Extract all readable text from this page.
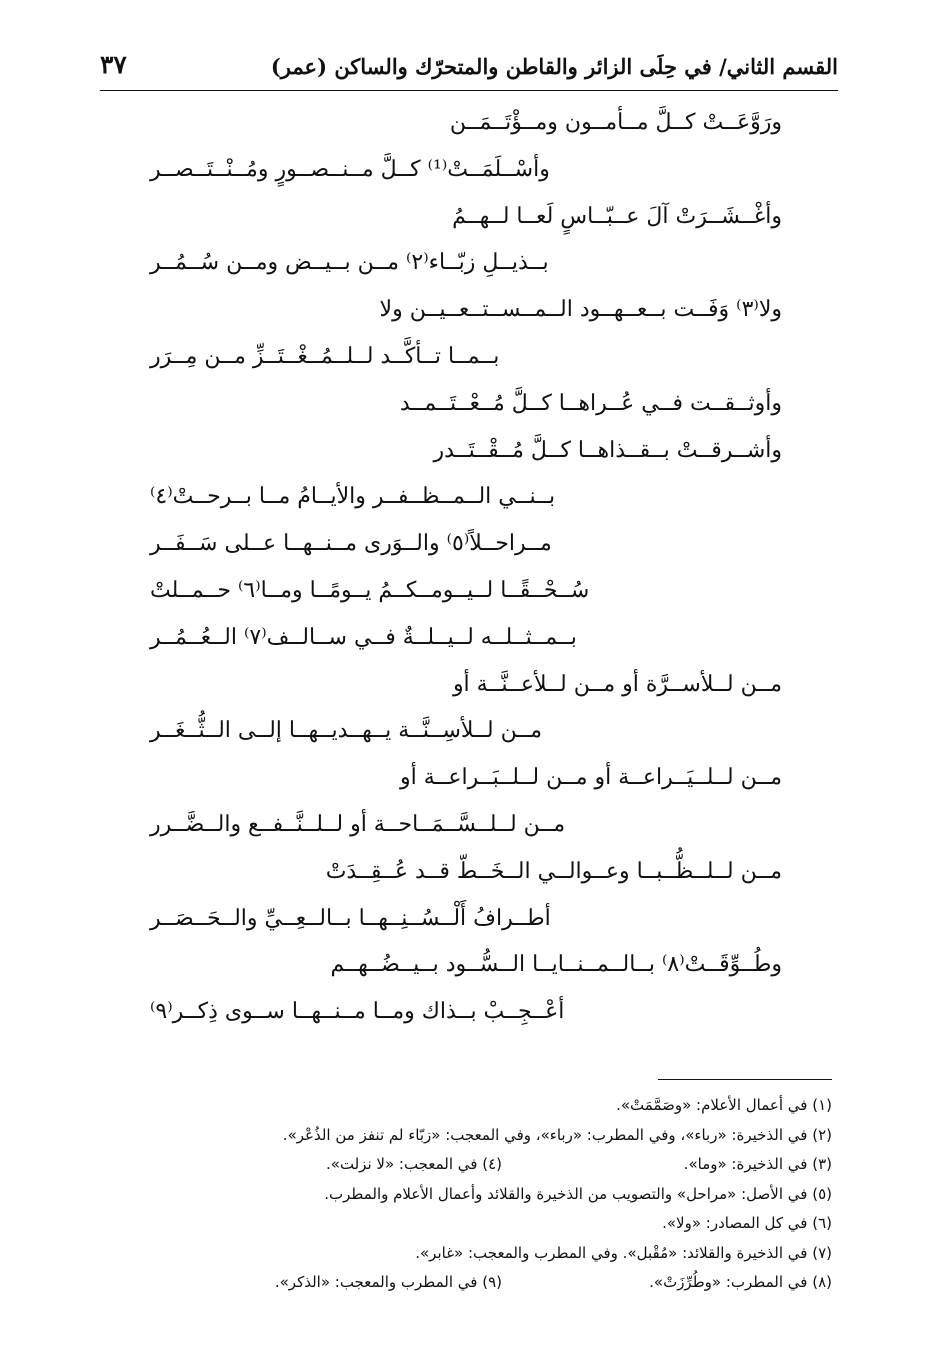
القسم الثاني/ في حِلَى الزائر والقاطن والمتحرّك والساكن (عمر)
٣٧
ورَوَّعَــتْ كــلَّ مــأمــون ومــؤْتَــمَــن
وأسْــلَمَــتْ⁽¹⁾ كــلَّ مــنــصــورٍ ومُــنْــتَــصــر
وأغْــشَــرَتْ آلَ عــبّــاسٍ لَعــا لــهــمُ
بــذيــلِ زبّــاء⁽٢⁾ مــن بــيــض ومــن سُــمُــر
ولا⁽٣⁾ وَفَــت بــعــهــود الــمــســتــعــيــن ولا
بــمــا تــأكَّــد لــلــمُــغْــتَــزِّ مــن مِــرَر
وأوثــقــت فــي عُــراهــا كــلَّ مُــعْــتَــمــد
وأشــرقــتْ بــقــذاهــا كــلَّ مُــقْــتَــدر
بــنــي الــمــظــفــر والأيــامُ مــا بــرحــتْ⁽٤⁾
مــراحــلاً⁽٥⁾ والــوَرى مــنــهــا عــلى سَــفَــر
سُــحْــقًــا لــيــومــكــمُ يــومًــا ومــا⁽٦⁾ حــمــلتْ
بــمــثــلــه لــيــلــةٌ فــي ســالــف⁽٧⁾ الــعُــمُــر
مــن لــلأســرَّة أو مــن لــلأعــنَّــة أو
مــن لــلأسِــنَّــة يــهــديــهــا إلــى الــثُّــغَــر
مــن لــلــيَــراعــة أو مــن لــلــبَــراعــة أو
مــن لــلــسَّــمَــاحــة أو لــلــنَّــفــع والــضَّــرر
مــن لــلــظُّــبــا وعــوالــي الــخَــطّ قــد عُــقِــدَتْ
أطــرافُ أَلْــسُــنِــهــا بــالــعِــيِّ والــحَــصَــر
وطُــوِّقَــتْ⁽٨⁾ بــالــمــنــايــا الــسُّــود بــيــضُــهــم
أعْــجِــبْ بــذاك ومــا مــنــهــا ســوى ذِكــر⁽٩⁾
(١) في أعمال الأعلام: «وصَمَّمَتْ».
(٢) في الذخيرة: «رباء»، وفي المطرب: «رباء»، وفي المعجب: «زبّاء لم تنفز من الذُعْر».
(٣) في الذخيرة: «وما».
(٤) في المعجب: «لا نزلت».
(٥) في الأصل: «مراحل» والتصويب من الذخيرة والقلائد وأعمال الأعلام والمطرب.
(٦) في كل المصادر: «ولا».
(٧) في الذخيرة والقلائد: «مُقْبل». وفي المطرب والمعجب: «غابر».
(٨) في المطرب: «وطُرِّزَتْ».
(٩) في المطرب والمعجب: «الذكر».
